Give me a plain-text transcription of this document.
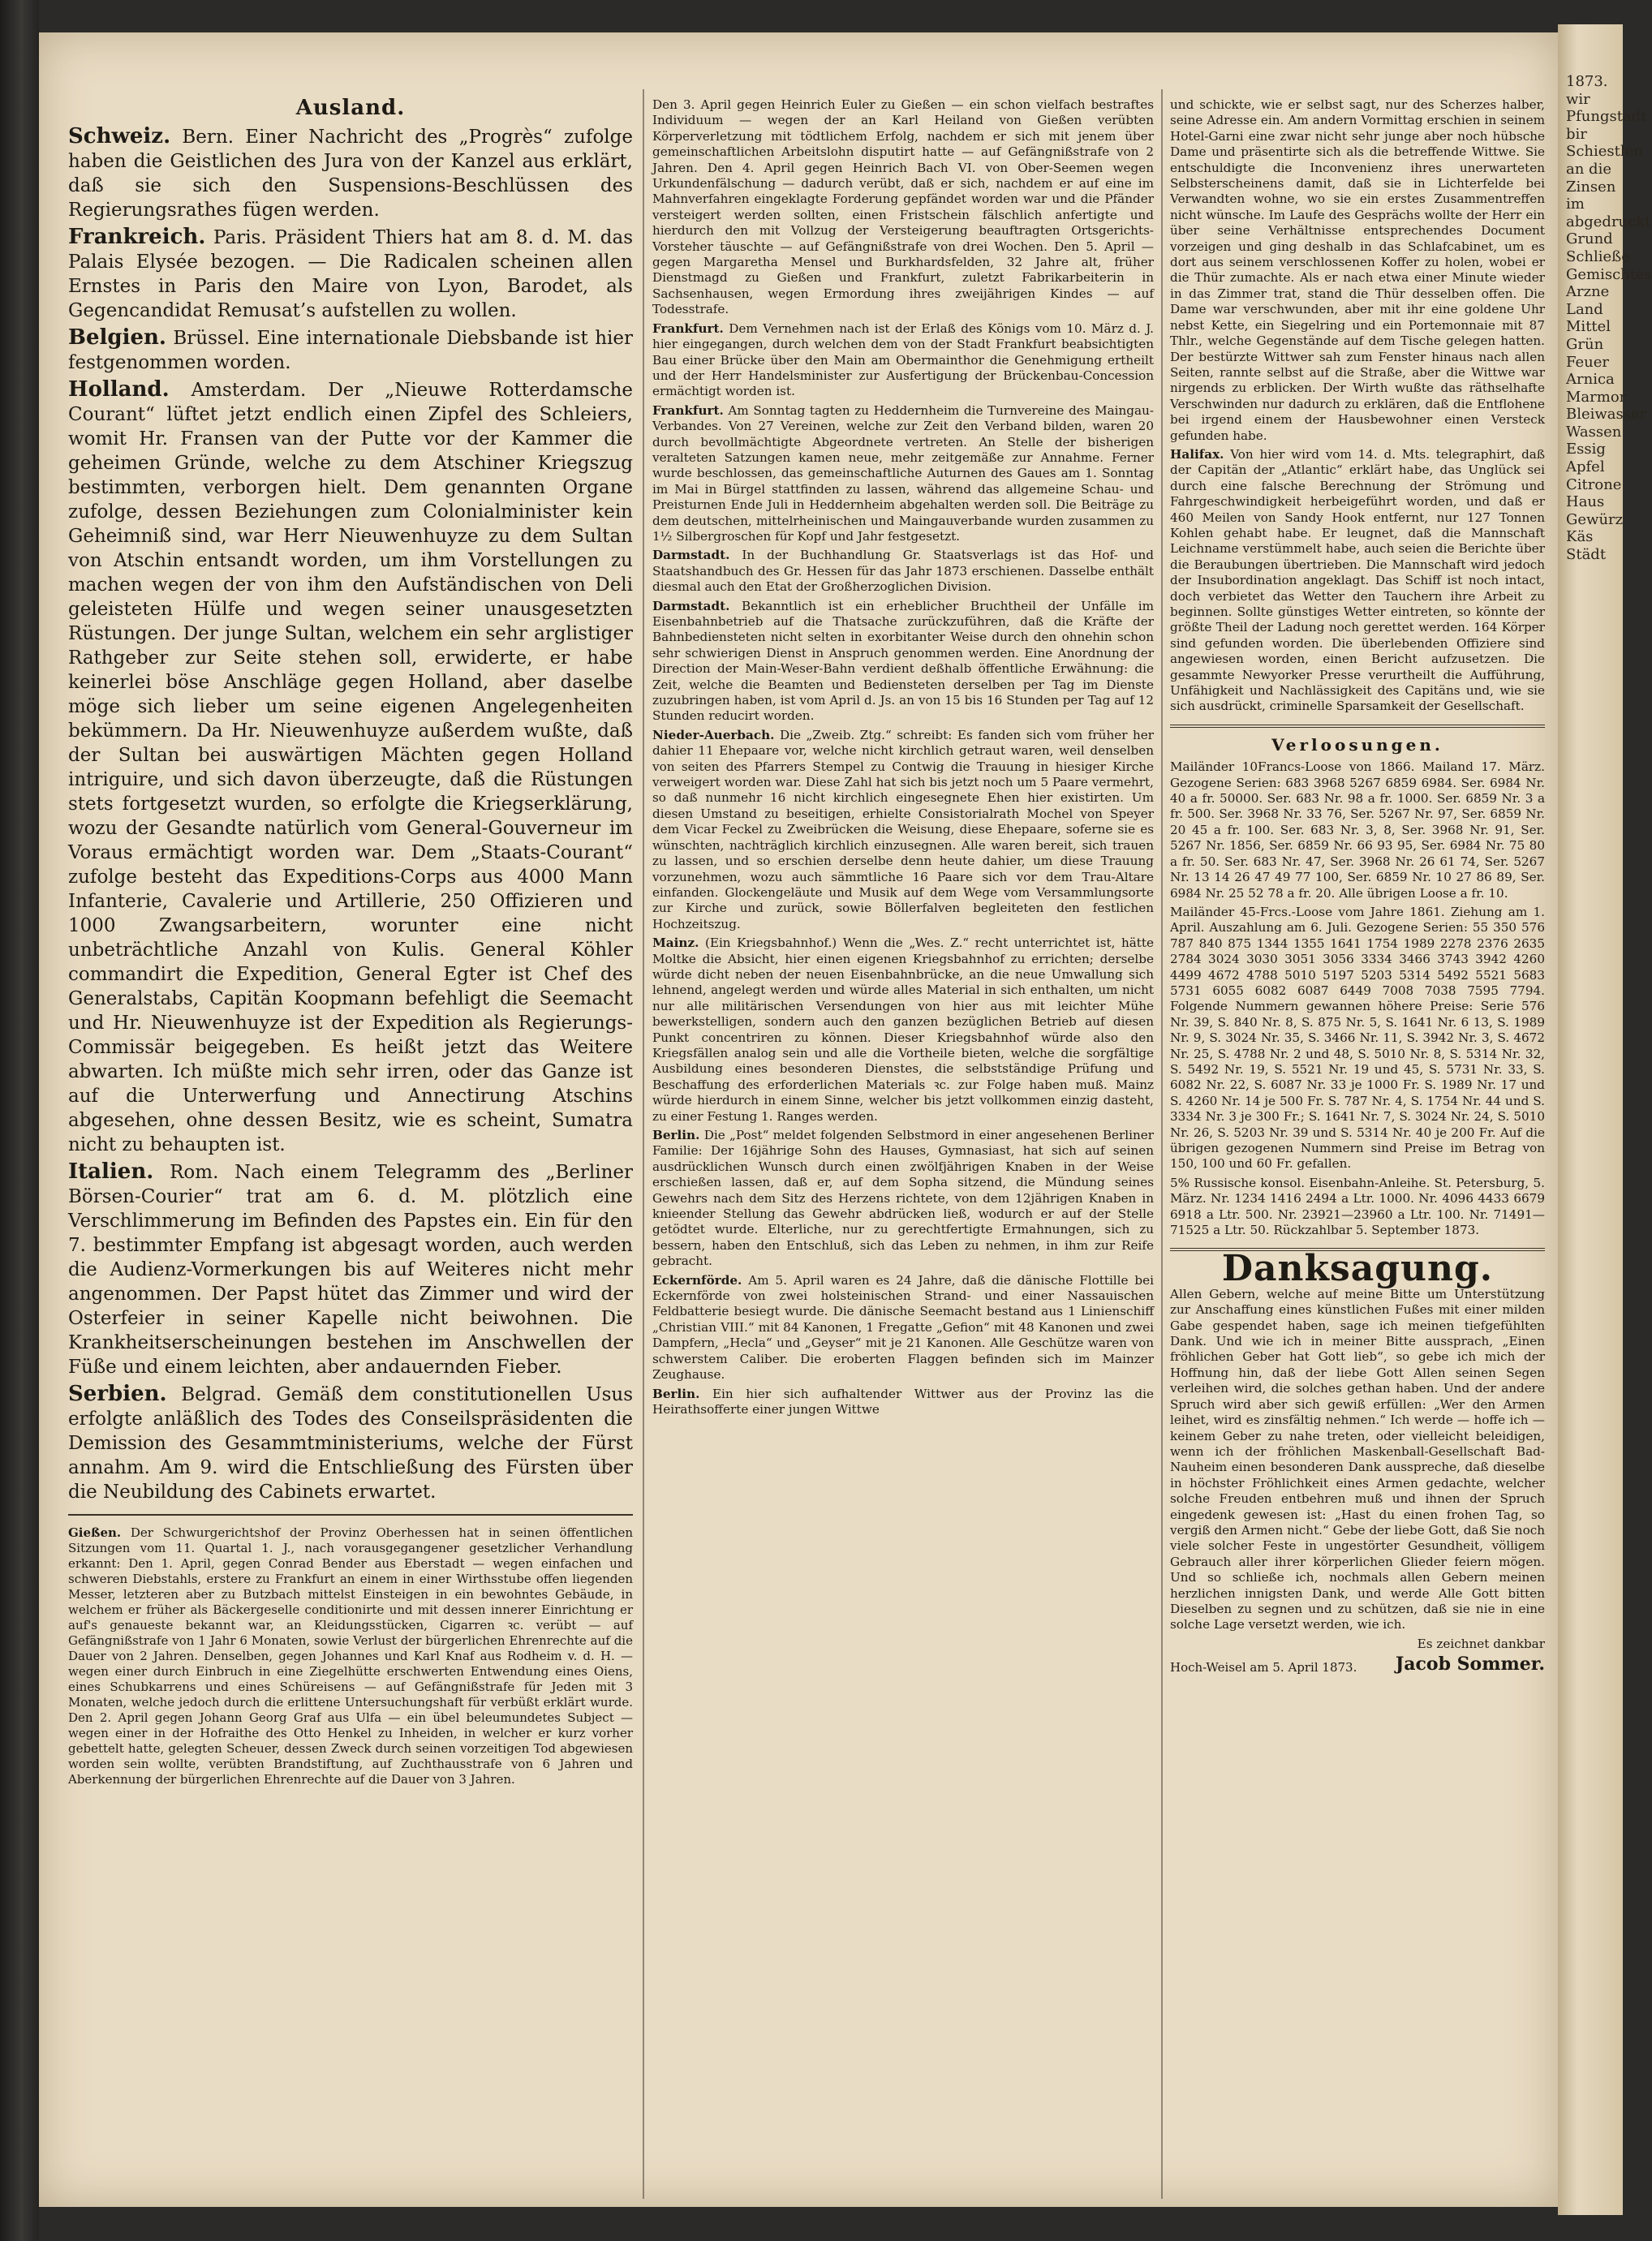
1873.
wir
Pfungstadt
bir
Schiestlen
an die
Zinsen im
abgedruckt
Grund
Schließe
Gemischtes
Arzne
Land
Mittel
Grün
Feuer
Arnica
Marmor
Bleiwasser
Wassen
Essig
Apfel
Citrone
Haus
Gewürz
Käs
Städt
Ausland.

Schweiz. Bern. Einer Nachricht des „Progrès“ zufolge haben die Geistlichen des Jura von der Kanzel aus erklärt, daß sie sich den Suspensions-Beschlüssen des Regierungsrathes fügen werden.

Frankreich. Paris. Präsident Thiers hat am 8. d. M. das Palais Elysée bezogen. — Die Radicalen scheinen allen Ernstes in Paris den Maire von Lyon, Barodet, als Gegencandidat Remusat’s aufstellen zu wollen.

Belgien. Brüssel. Eine internationale Diebsbande ist hier festgenommen worden.

Holland. Amsterdam. Der „Nieuwe Rotterdamsche Courant“ lüftet jetzt endlich einen Zipfel des Schleiers, womit Hr. Fransen van der Putte vor der Kammer die geheimen Gründe, welche zu dem Atschiner Kriegszug bestimmten, verborgen hielt. Dem genannten Organe zufolge, dessen Beziehungen zum Colonialminister kein Geheimniß sind, war Herr Nieuwenhuyze zu dem Sultan von Atschin entsandt worden, um ihm Vorstellungen zu machen wegen der von ihm den Aufständischen von Deli geleisteten Hülfe und wegen seiner unausgesetzten Rüstungen. Der junge Sultan, welchem ein sehr arglistiger Rathgeber zur Seite stehen soll, erwiderte, er habe keinerlei böse Anschläge gegen Holland, aber daselbe möge sich lieber um seine eigenen Angelegenheiten bekümmern. Da Hr. Nieuwenhuyze außerdem wußte, daß der Sultan bei auswärtigen Mächten gegen Holland intriguire, und sich davon überzeugte, daß die Rüstungen stets fortgesetzt wurden, so erfolgte die Kriegserklärung, wozu der Gesandte natürlich vom General-Gouverneur im Voraus ermächtigt worden war. Dem „Staats-Courant“ zufolge besteht das Expeditions-Corps aus 4000 Mann Infanterie, Cavalerie und Artillerie, 250 Offizieren und 1000 Zwangsarbeitern, worunter eine nicht unbeträchtliche Anzahl von Kulis. General Köhler commandirt die Expedition, General Egter ist Chef des Generalstabs, Capitän Koopmann befehligt die Seemacht und Hr. Nieuwenhuyze ist der Expedition als Regierungs-Commissär beigegeben. Es heißt jetzt das Weitere abwarten. Ich müßte mich sehr irren, oder das Ganze ist auf die Unterwerfung und Annectirung Atschins abgesehen, ohne dessen Besitz, wie es scheint, Sumatra nicht zu behaupten ist.

Italien. Rom. Nach einem Telegramm des „Berliner Börsen-Courier“ trat am 6. d. M. plötzlich eine Verschlimmerung im Befinden des Papstes ein. Ein für den 7. bestimmter Empfang ist abgesagt worden, auch werden die Audienz-Vormerkungen bis auf Weiteres nicht mehr angenommen. Der Papst hütet das Zimmer und wird der Osterfeier in seiner Kapelle nicht beiwohnen. Die Krankheitserscheinungen bestehen im Anschwellen der Füße und einem leichten, aber andauernden Fieber.

Serbien. Belgrad. Gemäß dem constitutionellen Usus erfolgte anläßlich des Todes des Conseilspräsidenten die Demission des Gesammtministeriums, welche der Fürst annahm. Am 9. wird die Entschließung des Fürsten über die Neubildung des Cabinets erwartet.

Gießen. Der Schwurgerichtshof der Provinz Oberhessen hat in seinen öffentlichen Sitzungen vom 11. Quartal 1. J., nach vorausgegangener gesetzlicher Verhandlung erkannt: Den 1. April, gegen Conrad Bender aus Eberstadt — wegen einfachen und schweren Diebstahls, erstere zu Frankfurt an einem in einer Wirthsstube offen liegenden Messer, letzteren aber zu Butzbach mittelst Einsteigen in ein bewohntes Gebäude, in welchem er früher als Bäckergeselle conditionirte und mit dessen innerer Einrichtung er auf's genaueste bekannt war, an Kleidungsstücken, Cigarren ꝛc. verübt — auf Gefängnißstrafe von 1 Jahr 6 Monaten, sowie Verlust der bürgerlichen Ehrenrechte auf die Dauer von 2 Jahren. Denselben, gegen Johannes und Karl Knaf aus Rodheim v. d. H. — wegen einer durch Einbruch in eine Ziegelhütte erschwerten Entwendung eines Oiens, eines Schubkarrens und eines Schüreisens — auf Gefängnißstrafe für Jeden mit 3 Monaten, welche jedoch durch die erlittene Untersuchungshaft für verbüßt erklärt wurde. Den 2. April gegen Johann Georg Graf aus Ulfa — ein übel beleumundetes Subject — wegen einer in der Hofraithe des Otto Henkel zu Inheiden, in welcher er kurz vorher gebettelt hatte, gelegten Scheuer, dessen Zweck durch seinen vorzeitigen Tod abgewiesen worden sein wollte, verübten Brandstiftung, auf Zuchthausstrafe von 6 Jahren und Aberkennung der bürgerlichen Ehrenrechte auf die Dauer von 3 Jahren.

Den 3. April gegen Heinrich Euler zu Gießen — ein schon vielfach bestraftes Individuum — wegen der an Karl Heiland von Gießen verübten Körperverletzung mit tödtlichem Erfolg, nachdem er sich mit jenem über gemeinschaftlichen Arbeitslohn disputirt hatte — auf Gefängnißstrafe von 2 Jahren. Den 4. April gegen Heinrich Bach VI. von Ober-Seemen wegen Urkundenfälschung — dadurch verübt, daß er sich, nachdem er auf eine im Mahnverfahren eingeklagte Forderung gepfändet worden war und die Pfänder versteigert werden sollten, einen Fristschein fälschlich anfertigte und hierdurch den mit Vollzug der Versteigerung beauftragten Ortsgerichts-Vorsteher täuschte — auf Gefängnißstrafe von drei Wochen. Den 5. April — gegen Margaretha Mensel und Burkhardsfelden, 32 Jahre alt, früher Dienstmagd zu Gießen und Frankfurt, zuletzt Fabrikarbeiterin in Sachsenhausen, wegen Ermordung ihres zweijährigen Kindes — auf Todesstrafe.

Frankfurt. Dem Vernehmen nach ist der Erlaß des Königs vom 10. März d. J. hier eingegangen, durch welchen dem von der Stadt Frankfurt beabsichtigten Bau einer Brücke über den Main am Obermainthor die Genehmigung ertheilt und der Herr Handelsminister zur Ausfertigung der Brückenbau-Concession ermächtigt worden ist.

Frankfurt. Am Sonntag tagten zu Heddernheim die Turnvereine des Maingau-Verbandes. Von 27 Vereinen, welche zur Zeit den Verband bilden, waren 20 durch bevollmächtigte Abgeordnete vertreten. An Stelle der bisherigen veralteten Satzungen kamen neue, mehr zeitgemäße zur Annahme. Ferner wurde beschlossen, das gemeinschaftliche Auturnen des Gaues am 1. Sonntag im Mai in Bürgel stattfinden zu lassen, während das allgemeine Schau- und Preisturnen Ende Juli in Heddernheim abgehalten werden soll. Die Beiträge zu dem deutschen, mittelrheinischen und Maingauverbande wurden zusammen zu 1½ Silbergroschen für Kopf und Jahr festgesetzt.

Darmstadt. In der Buchhandlung Gr. Staatsverlags ist das Hof- und Staatshandbuch des Gr. Hessen für das Jahr 1873 erschienen. Dasselbe enthält diesmal auch den Etat der Großherzoglichen Division.

Darmstadt. Bekanntlich ist ein erheblicher Bruchtheil der Unfälle im Eisenbahnbetrieb auf die Thatsache zurückzuführen, daß die Kräfte der Bahnbediensteten nicht selten in exorbitanter Weise durch den ohnehin schon sehr schwierigen Dienst in Anspruch genommen werden. Eine Anordnung der Direction der Main-Weser-Bahn verdient deßhalb öffentliche Erwähnung: die Zeit, welche die Beamten und Bediensteten derselben per Tag im Dienste zuzubringen haben, ist vom April d. Js. an von 15 bis 16 Stunden per Tag auf 12 Stunden reducirt worden.

Nieder-Auerbach. Die „Zweib. Ztg.“ schreibt: Es fanden sich vom früher her dahier 11 Ehepaare vor, welche nicht kirchlich getraut waren, weil denselben von seiten des Pfarrers Stempel zu Contwig die Trauung in hiesiger Kirche verweigert worden war. Diese Zahl hat sich bis jetzt noch um 5 Paare vermehrt, so daß nunmehr 16 nicht kirchlich eingesegnete Ehen hier existirten. Um diesen Umstand zu beseitigen, erhielte Consistorialrath Mochel von Speyer dem Vicar Feckel zu Zweibrücken die Weisung, diese Ehepaare, soferne sie es wünschten, nachträglich kirchlich einzusegnen. Alle waren bereit, sich trauen zu lassen, und so erschien derselbe denn heute dahier, um diese Trauung vorzunehmen, wozu auch sämmtliche 16 Paare sich vor dem Trau-Altare einfanden. Glockengeläute und Musik auf dem Wege vom Versammlungsorte zur Kirche und zurück, sowie Böllerfalven begleiteten den festlichen Hochzeitszug.

Mainz. (Ein Kriegsbahnhof.) Wenn die „Wes. Z.“ recht unterrichtet ist, hätte Moltke die Absicht, hier einen eigenen Kriegsbahnhof zu errichten; derselbe würde dicht neben der neuen Eisenbahnbrücke, an die neue Umwallung sich lehnend, angelegt werden und würde alles Material in sich enthalten, um nicht nur alle militärischen Versendungen von hier aus mit leichter Mühe bewerkstelligen, sondern auch den ganzen bezüglichen Betrieb auf diesen Punkt concentriren zu können. Dieser Kriegsbahnhof würde also den Kriegsfällen analog sein und alle die Vortheile bieten, welche die sorgfältige Ausbildung eines besonderen Dienstes, die selbstständige Prüfung und Beschaffung des erforderlichen Materials ꝛc. zur Folge haben muß. Mainz würde hierdurch in einem Sinne, welcher bis jetzt vollkommen einzig dasteht, zu einer Festung 1. Ranges werden.

Berlin. Die „Post“ meldet folgenden Selbstmord in einer angesehenen Berliner Familie: Der 16jährige Sohn des Hauses, Gymnasiast, hat sich auf seinen ausdrücklichen Wunsch durch einen zwölfjährigen Knaben in der Weise erschießen lassen, daß er, auf dem Sopha sitzend, die Mündung seines Gewehrs nach dem Sitz des Herzens richtete, von dem 12jährigen Knaben in knieender Stellung das Gewehr abdrücken ließ, wodurch er auf der Stelle getödtet wurde. Elterliche, nur zu gerechtfertigte Ermahnungen, sich zu bessern, haben den Entschluß, sich das Leben zu nehmen, in ihm zur Reife gebracht.

Eckernförde. Am 5. April waren es 24 Jahre, daß die dänische Flottille bei Eckernförde von zwei holsteinischen Strand- und einer Nassauischen Feldbatterie besiegt wurde. Die dänische Seemacht bestand aus 1 Linienschiff „Christian VIII.“ mit 84 Kanonen, 1 Fregatte „Gefion“ mit 48 Kanonen und zwei Dampfern, „Hecla“ und „Geyser“ mit je 21 Kanonen. Alle Geschütze waren von schwerstem Caliber. Die eroberten Flaggen befinden sich im Mainzer Zeughause.

Berlin. Ein hier sich aufhaltender Wittwer aus der Provinz las die Heirathsofferte einer jungen Wittwe

und schickte, wie er selbst sagt, nur des Scherzes halber, seine Adresse ein. Am andern Vormittag erschien in seinem Hotel-Garni eine zwar nicht sehr junge aber noch hübsche Dame und präsentirte sich als die betreffende Wittwe. Sie entschuldigte die Inconvenienz ihres unerwarteten Selbsterscheinens damit, daß sie in Lichterfelde bei Verwandten wohne, wo sie ein erstes Zusammentreffen nicht wünsche. Im Laufe des Gesprächs wollte der Herr ein über seine Verhältnisse entsprechendes Document vorzeigen und ging deshalb in das Schlafcabinet, um es dort aus seinem verschlossenen Koffer zu holen, wobei er die Thür zumachte. Als er nach etwa einer Minute wieder in das Zimmer trat, stand die Thür desselben offen. Die Dame war verschwunden, aber mit ihr eine goldene Uhr nebst Kette, ein Siegelring und ein Portemonnaie mit 87 Thlr., welche Gegenstände auf dem Tische gelegen hatten. Der bestürzte Wittwer sah zum Fenster hinaus nach allen Seiten, rannte selbst auf die Straße, aber die Wittwe war nirgends zu erblicken. Der Wirth wußte das räthselhafte Verschwinden nur dadurch zu erklären, daß die Entflohene bei irgend einem der Hausbewohner einen Versteck gefunden habe.

Halifax. Von hier wird vom 14. d. Mts. telegraphirt, daß der Capitän der „Atlantic“ erklärt habe, das Unglück sei durch eine falsche Berechnung der Strömung und Fahrgeschwindigkeit herbeigeführt worden, und daß er 460 Meilen von Sandy Hook entfernt, nur 127 Tonnen Kohlen gehabt habe. Er leugnet, daß die Mannschaft Leichname verstümmelt habe, auch seien die Berichte über die Beraubungen übertrieben. Die Mannschaft wird jedoch der Insubordination angeklagt. Das Schiff ist noch intact, doch verbietet das Wetter den Tauchern ihre Arbeit zu beginnen. Sollte günstiges Wetter eintreten, so könnte der größte Theil der Ladung noch gerettet werden. 164 Körper sind gefunden worden. Die überlebenden Offiziere sind angewiesen worden, einen Bericht aufzusetzen. Die gesammte Newyorker Presse verurtheilt die Aufführung, Unfähigkeit und Nachlässigkeit des Capitäns und, wie sie sich ausdrückt, criminelle Sparsamkeit der Gesellschaft.

Verloosungen.

Mailänder 10Francs-Loose von 1866. Mailand 17. März. Gezogene Serien: 683 3968 5267 6859 6984. Ser. 6984 Nr. 40 a fr. 50000. Ser. 683 Nr. 98 a fr. 1000. Ser. 6859 Nr. 3 a fr. 500. Ser. 3968 Nr. 33 76, Ser. 5267 Nr. 97, Ser. 6859 Nr. 20 45 a fr. 100. Ser. 683 Nr. 3, 8, Ser. 3968 Nr. 91, Ser. 5267 Nr. 1856, Ser. 6859 Nr. 66 93 95, Ser. 6984 Nr. 75 80 a fr. 50. Ser. 683 Nr. 47, Ser. 3968 Nr. 26 61 74, Ser. 5267 Nr. 13 14 26 47 49 77 100, Ser. 6859 Nr. 10 27 86 89, Ser. 6984 Nr. 25 52 78 a fr. 20. Alle übrigen Loose a fr. 10.

Mailänder 45-Frcs.-Loose vom Jahre 1861. Ziehung am 1. April. Auszahlung am 6. Juli. Gezogene Serien: 55 350 576 787 840 875 1344 1355 1641 1754 1989 2278 2376 2635 2784 3024 3030 3051 3056 3334 3466 3743 3942 4260 4499 4672 4788 5010 5197 5203 5314 5492 5521 5683 5731 6055 6082 6087 6449 7008 7038 7595 7794. Folgende Nummern gewannen höhere Preise: Serie 576 Nr. 39, S. 840 Nr. 8, S. 875 Nr. 5, S. 1641 Nr. 6 13, S. 1989 Nr. 9, S. 3024 Nr. 35, S. 3466 Nr. 11, S. 3942 Nr. 3, S. 4672 Nr. 25, S. 4788 Nr. 2 und 48, S. 5010 Nr. 8, S. 5314 Nr. 32, S. 5492 Nr. 19, S. 5521 Nr. 19 und 45, S. 5731 Nr. 33, S. 6082 Nr. 22, S. 6087 Nr. 33 je 1000 Fr. S. 1989 Nr. 17 und S. 4260 Nr. 14 je 500 Fr. S. 787 Nr. 4, S. 1754 Nr. 44 und S. 3334 Nr. 3 je 300 Fr.; S. 1641 Nr. 7, S. 3024 Nr. 24, S. 5010 Nr. 26, S. 5203 Nr. 39 und S. 5314 Nr. 40 je 200 Fr. Auf die übrigen gezogenen Nummern sind Preise im Betrag von 150, 100 und 60 Fr. gefallen.

5% Russische konsol. Eisenbahn-Anleihe. St. Petersburg, 5. März. Nr. 1234 1416 2494 a Ltr. 1000. Nr. 4096 4433 6679 6918 a Ltr. 500. Nr. 23921—23960 a Ltr. 100. Nr. 71491—71525 a Ltr. 50. Rückzahlbar 5. September 1873.

Danksagung.

Allen Gebern, welche auf meine Bitte um Unterstützung zur Anschaffung eines künstlichen Fußes mit einer milden Gabe gespendet haben, sage ich meinen tiefgefühlten Dank. Und wie ich in meiner Bitte aussprach, „Einen fröhlichen Geber hat Gott lieb“, so gebe ich mich der Hoffnung hin, daß der liebe Gott Allen seinen Segen verleihen wird, die solches gethan haben. Und der andere Spruch wird aber sich gewiß erfüllen: „Wer den Armen leihet, wird es zinsfältig nehmen.“ Ich werde — hoffe ich — keinem Geber zu nahe treten, oder vielleicht beleidigen, wenn ich der fröhlichen Maskenball-Gesellschaft Bad-Nauheim einen besonderen Dank ausspreche, daß dieselbe in höchster Fröhlichkeit eines Armen gedachte, welcher solche Freuden entbehren muß und ihnen der Spruch eingedenk gewesen ist: „Hast du einen frohen Tag, so vergiß den Armen nicht.“ Gebe der liebe Gott, daß Sie noch viele solcher Feste in ungestörter Gesundheit, völligem Gebrauch aller ihrer körperlichen Glieder feiern mögen. Und so schließe ich, nochmals allen Gebern meinen herzlichen innigsten Dank, und werde Alle Gott bitten Dieselben zu segnen und zu schützen, daß sie nie in eine solche Lage versetzt werden, wie ich.

Es zeichnet dankbar

Hoch-Weisel am 5. April 1873. Jacob Sommer.
